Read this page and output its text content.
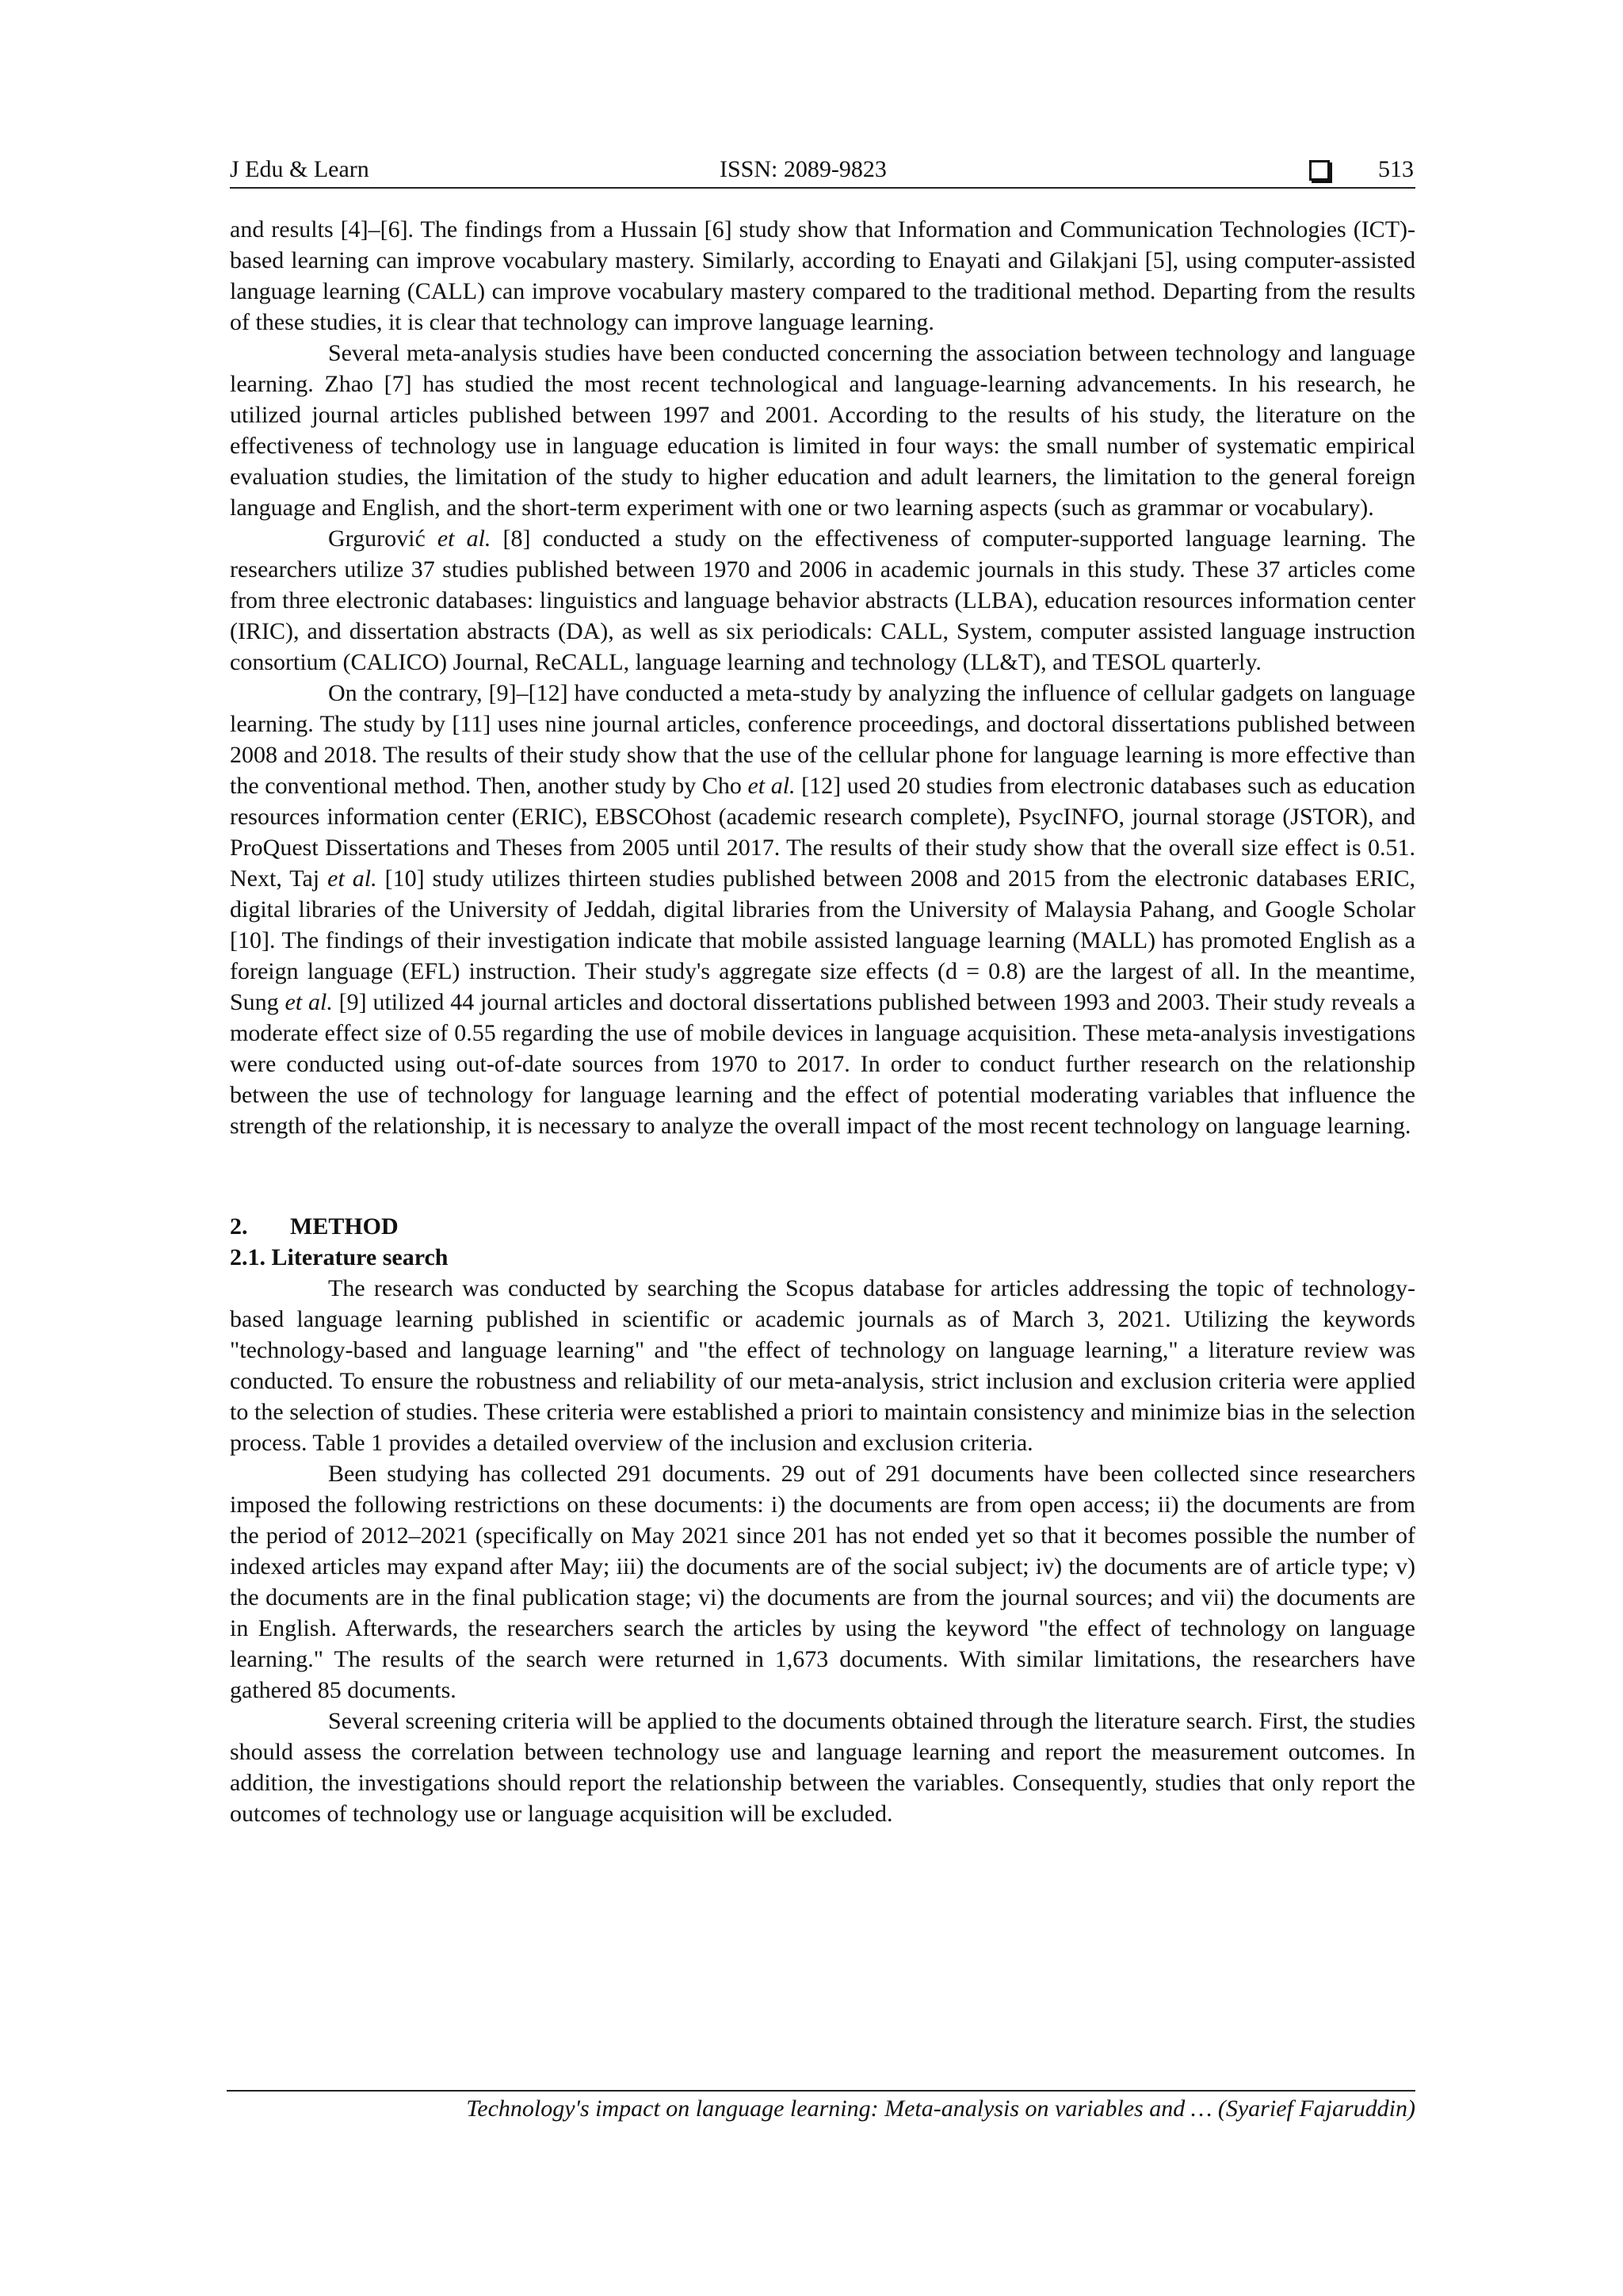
J Edu & Learn	ISSN: 2089-9823	513

and results [4]–[6]. The findings from a Hussain [6] study show that Information and Communication Technologies (ICT)-based learning can improve vocabulary mastery. Similarly, according to Enayati and Gilakjani [5], using computer-assisted language learning (CALL) can improve vocabulary mastery compared to the traditional method. Departing from the results of these studies, it is clear that technology can improve language learning.

Several meta-analysis studies have been conducted concerning the association between technology and language learning. Zhao [7] has studied the most recent technological and language-learning advancements. In his research, he utilized journal articles published between 1997 and 2001. According to the results of his study, the literature on the effectiveness of technology use in language education is limited in four ways: the small number of systematic empirical evaluation studies, the limitation of the study to higher education and adult learners, the limitation to the general foreign language and English, and the short-term experiment with one or two learning aspects (such as grammar or vocabulary).

Grgurović et al. [8] conducted a study on the effectiveness of computer-supported language learning. The researchers utilize 37 studies published between 1970 and 2006 in academic journals in this study. These 37 articles come from three electronic databases: linguistics and language behavior abstracts (LLBA), education resources information center (IRIC), and dissertation abstracts (DA), as well as six periodicals: CALL, System, computer assisted language instruction consortium (CALICO) Journal, ReCALL, language learning and technology (LL&T), and TESOL quarterly.

On the contrary, [9]–[12] have conducted a meta-study by analyzing the influence of cellular gadgets on language learning. The study by [11] uses nine journal articles, conference proceedings, and doctoral dissertations published between 2008 and 2018. The results of their study show that the use of the cellular phone for language learning is more effective than the conventional method. Then, another study by Cho et al. [12] used 20 studies from electronic databases such as education resources information center (ERIC), EBSCOhost (academic research complete), PsycINFO, journal storage (JSTOR), and ProQuest Dissertations and Theses from 2005 until 2017. The results of their study show that the overall size effect is 0.51. Next, Taj et al. [10] study utilizes thirteen studies published between 2008 and 2015 from the electronic databases ERIC, digital libraries of the University of Jeddah, digital libraries from the University of Malaysia Pahang, and Google Scholar [10]. The findings of their investigation indicate that mobile assisted language learning (MALL) has promoted English as a foreign language (EFL) instruction. Their study's aggregate size effects (d = 0.8) are the largest of all. In the meantime, Sung et al. [9] utilized 44 journal articles and doctoral dissertations published between 1993 and 2003. Their study reveals a moderate effect size of 0.55 regarding the use of mobile devices in language acquisition. These meta-analysis investigations were conducted using out-of-date sources from 1970 to 2017. In order to conduct further research on the relationship between the use of technology for language learning and the effect of potential moderating variables that influence the strength of the relationship, it is necessary to analyze the overall impact of the most recent technology on language learning.

2. METHOD

2.1. Literature search

The research was conducted by searching the Scopus database for articles addressing the topic of technology-based language learning published in scientific or academic journals as of March 3, 2021. Utilizing the keywords "technology-based and language learning" and "the effect of technology on language learning," a literature review was conducted. To ensure the robustness and reliability of our meta-analysis, strict inclusion and exclusion criteria were applied to the selection of studies. These criteria were established a priori to maintain consistency and minimize bias in the selection process. Table 1 provides a detailed overview of the inclusion and exclusion criteria.

Been studying has collected 291 documents. 29 out of 291 documents have been collected since researchers imposed the following restrictions on these documents: i) the documents are from open access; ii) the documents are from the period of 2012–2021 (specifically on May 2021 since 201 has not ended yet so that it becomes possible the number of indexed articles may expand after May; iii) the documents are of the social subject; iv) the documents are of article type; v) the documents are in the final publication stage; vi) the documents are from the journal sources; and vii) the documents are in English. Afterwards, the researchers search the articles by using the keyword "the effect of technology on language learning." The results of the search were returned in 1,673 documents. With similar limitations, the researchers have gathered 85 documents.

Several screening criteria will be applied to the documents obtained through the literature search. First, the studies should assess the correlation between technology use and language learning and report the measurement outcomes. In addition, the investigations should report the relationship between the variables. Consequently, studies that only report the outcomes of technology use or language acquisition will be excluded.

Technology's impact on language learning: Meta-analysis on variables and … (Syarief Fajaruddin)
